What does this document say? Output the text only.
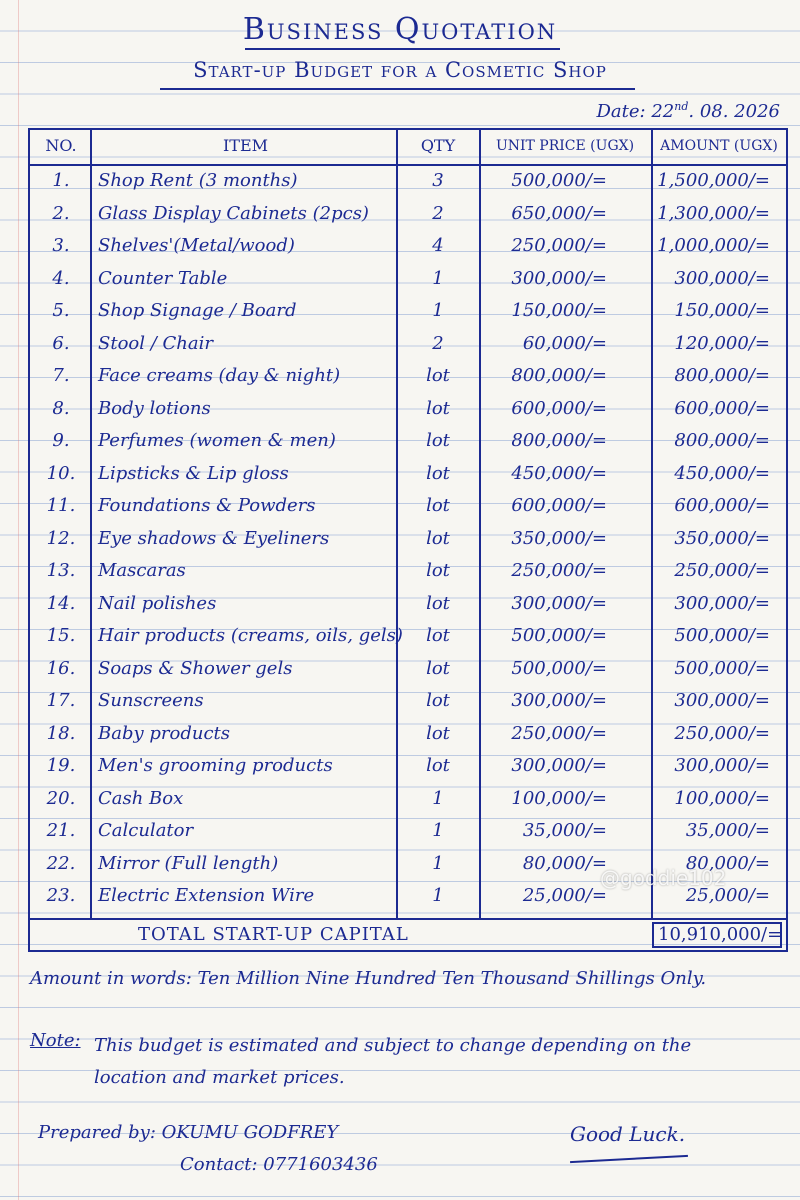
Business Quotation
Start-up Budget for a Cosmetic Shop
Date: 22nd. 08. 2026
NO.	ITEM	QTY	UNIT PRICE (UGX)	AMOUNT (UGX)
1.	Shop Rent (3 months)	3	500,000/=	1,500,000/=
2.	Glass Display Cabinets (2pcs)	2	650,000/=	1,300,000/=
3.	Shelves'(Metal/wood)	4	250,000/=	1,000,000/=
4.	Counter Table	1	300,000/=	300,000/=
5.	Shop Signage / Board	1	150,000/=	150,000/=
6.	Stool / Chair	2	60,000/=	120,000/=
7.	Face creams (day & night)	lot	800,000/=	800,000/=
8.	Body lotions	lot	600,000/=	600,000/=
9.	Perfumes (women & men)	lot	800,000/=	800,000/=
10.	Lipsticks & Lip gloss	lot	450,000/=	450,000/=
11.	Foundations & Powders	lot	600,000/=	600,000/=
12.	Eye shadows & Eyeliners	lot	350,000/=	350,000/=
13.	Mascaras	lot	250,000/=	250,000/=
14.	Nail polishes	lot	300,000/=	300,000/=
15.	Hair products (creams, oils, gels)	lot	500,000/=	500,000/=
16.	Soaps & Shower gels	lot	500,000/=	500,000/=
17.	Sunscreens	lot	300,000/=	300,000/=
18.	Baby products	lot	250,000/=	250,000/=
19.	Men's grooming products	lot	300,000/=	300,000/=
20.	Cash Box	1	100,000/=	100,000/=
21.	Calculator	1	35,000/=	35,000/=
22.	Mirror (Full length)	1	80,000/=	80,000/=
23.	Electric Extension Wire	1	25,000/=	25,000/=
TOTAL START-UP CAPITAL	10,910,000/=
@goddie102
Amount in words: Ten Million Nine Hundred Ten Thousand Shillings Only.
Note: This budget is estimated and subject to change depending on the location and market prices.
Prepared by: OKUMU GODFREY
Contact: 0771603436
Good Luck.
